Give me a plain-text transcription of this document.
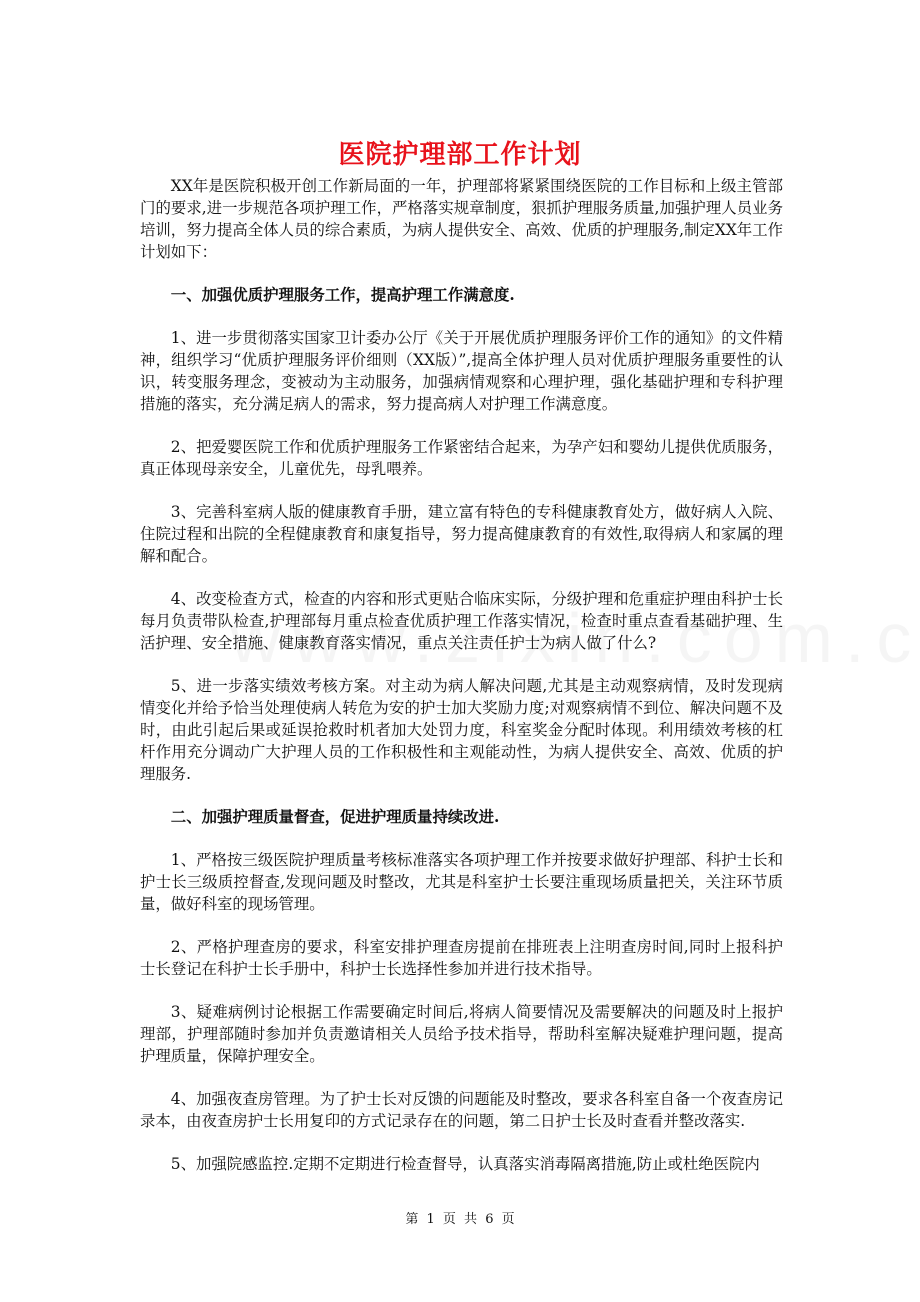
医院护理部工作计划

XX年是医院积极开创工作新局面的一年，护理部将紧紧围绕医院的工作目标和上级主管部门的要求,进一步规范各项护理工作，严格落实规章制度，狠抓护理服务质量,加强护理人员业务培训，努力提高全体人员的综合素质，为病人提供安全、高效、优质的护理服务,制定XX年工作计划如下：

一、加强优质护理服务工作，提高护理工作满意度.

1、进一步贯彻落实国家卫计委办公厅《关于开展优质护理服务评价工作的通知》的文件精神，组织学习“优质护理服务评价细则（XX版）”,提高全体护理人员对优质护理服务重要性的认识，转变服务理念，变被动为主动服务，加强病情观察和心理护理，强化基础护理和专科护理措施的落实，充分满足病人的需求，努力提高病人对护理工作满意度。

2、把爱婴医院工作和优质护理服务工作紧密结合起来，为孕产妇和婴幼儿提供优质服务，真正体现母亲安全，儿童优先，母乳喂养。

3、完善科室病人版的健康教育手册，建立富有特色的专科健康教育处方，做好病人入院、住院过程和出院的全程健康教育和康复指导，努力提高健康教育的有效性,取得病人和家属的理解和配合。

4、改变检查方式，检查的内容和形式更贴合临床实际，分级护理和危重症护理由科护士长每月负责带队检查,护理部每月重点检查优质护理工作落实情况，检查时重点查看基础护理、生活护理、安全措施、健康教育落实情况，重点关注责任护士为病人做了什么?

5、进一步落实绩效考核方案。对主动为病人解决问题,尤其是主动观察病情，及时发现病情变化并给予恰当处理使病人转危为安的护士加大奖励力度;对观察病情不到位、解决问题不及时，由此引起后果或延误抢救时机者加大处罚力度，科室奖金分配时体现。利用绩效考核的杠杆作用充分调动广大护理人员的工作积极性和主观能动性，为病人提供安全、高效、优质的护理服务.

二、加强护理质量督查，促进护理质量持续改进.

1、严格按三级医院护理质量考核标准落实各项护理工作并按要求做好护理部、科护士长和护士长三级质控督查,发现问题及时整改，尤其是科室护士长要注重现场质量把关，关注环节质量，做好科室的现场管理。

2、严格护理查房的要求，科室安排护理查房提前在排班表上注明查房时间,同时上报科护士长登记在科护士长手册中，科护士长选择性参加并进行技术指导。

3、疑难病例讨论根据工作需要确定时间后,将病人简要情况及需要解决的问题及时上报护理部，护理部随时参加并负责邀请相关人员给予技术指导，帮助科室解决疑难护理问题，提高护理质量，保障护理安全。

4、加强夜查房管理。为了护士长对反馈的问题能及时整改，要求各科室自备一个夜查房记录本，由夜查房护士长用复印的方式记录存在的问题，第二日护士长及时查看并整改落实.

5、加强院感监控.定期不定期进行检查督导，认真落实消毒隔离措施,防止或杜绝医院内

第 1 页 共 6 页
